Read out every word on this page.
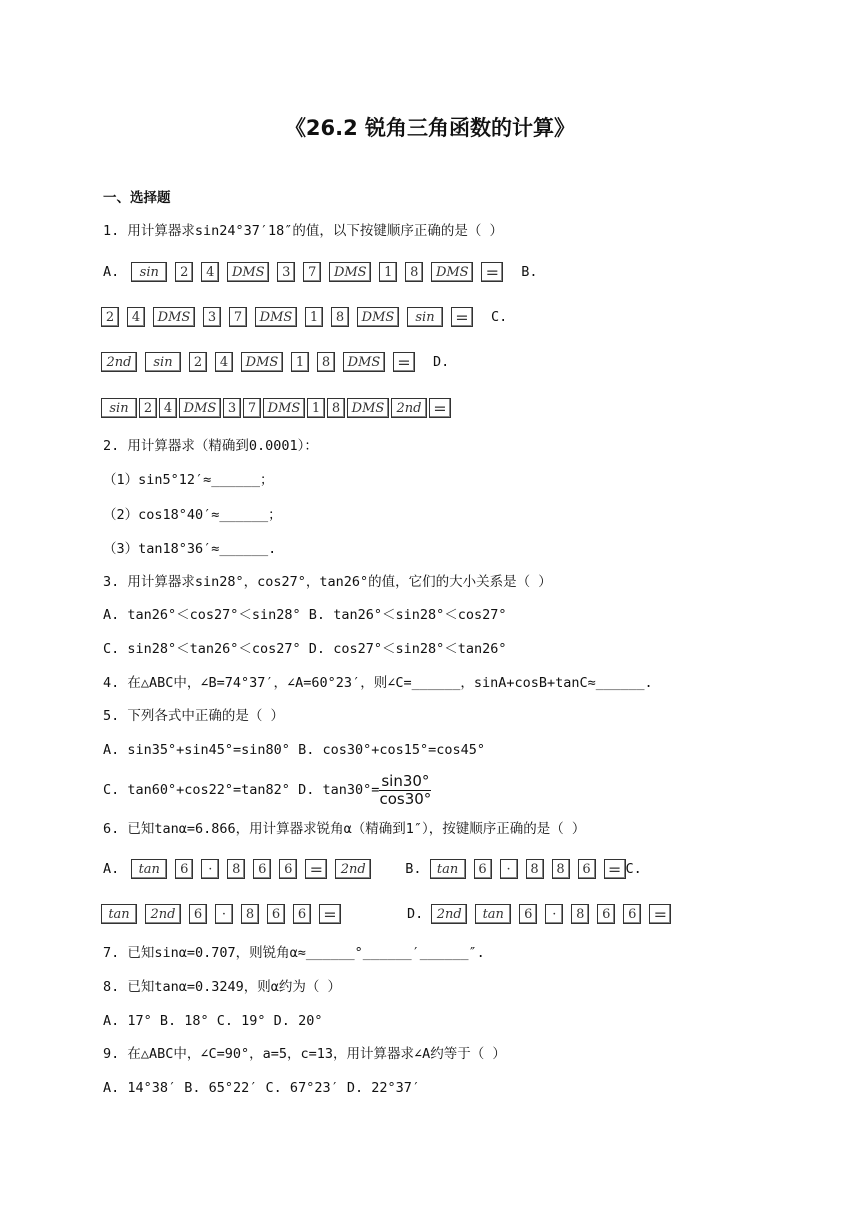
《26.2 锐角三角函数的计算》
一、选择题
1. 用计算器求sin24°37′18″的值，以下按键顺序正确的是（ ）
A.	sin	2	4	DMS	3	7	DMS	1	8	DMS =	B.
2	4	DMS	3	7	DMS	1	8	DMS	sin	=	C.
2nd	sin	2	4	DMS	1	8	DMS =	D.
sin	2 4 DMS 3 7 DMS 1 8 DMS 2nd =
2. 用计算器求（精确到0.0001）：
（1）sin5°12′≈______；
（2）cos18°40′≈______；
（3）tan18°36′≈______.
3. 用计算器求sin28°，cos27°，tan26°的值，它们的大小关系是（ ）
A. tan26°＜cos27°＜sin28° B. tan26°＜sin28°＜cos27°
C. sin28°＜tan26°＜cos27° D. cos27°＜sin28°＜tan26°
4. 在△ABC中，∠B=74°37′，∠A=60°23′，则∠C=______，sinA+cosB+tanC≈______.
5. 下列各式中正确的是（ ）
A. sin35°+sin45°=sin80° B. cos30°+cos15°=cos45°
C. tan60°+cos22°=tan82° D. $\tan 30^\circ= \frac{\sin 30^\circ}{\cos 30^\circ}$
6. 已知tanα=6.866，用计算器求锐角α（精确到1″），按键顺序正确的是（ ）
A.	tan	6	·	8	6	6	=	2nd	B.	tan	6	·	8	8	6	= C.
tan	2nd	6	·	8	6	6	=	D.	2nd	tan	6	·	8	6	6	=
7. 已知sinα=0.707，则锐角α≈______°______′______″.
8. 已知tanα=0.3249，则α约为（ ）
A. 17° B. 18° C. 19° D. 20°
9. 在△ABC中，∠C=90°，a=5，c=13，用计算器求∠A约等于（ ）
A. 14°38′ B. 65°22′ C. 67°23′ D. 22°37′
